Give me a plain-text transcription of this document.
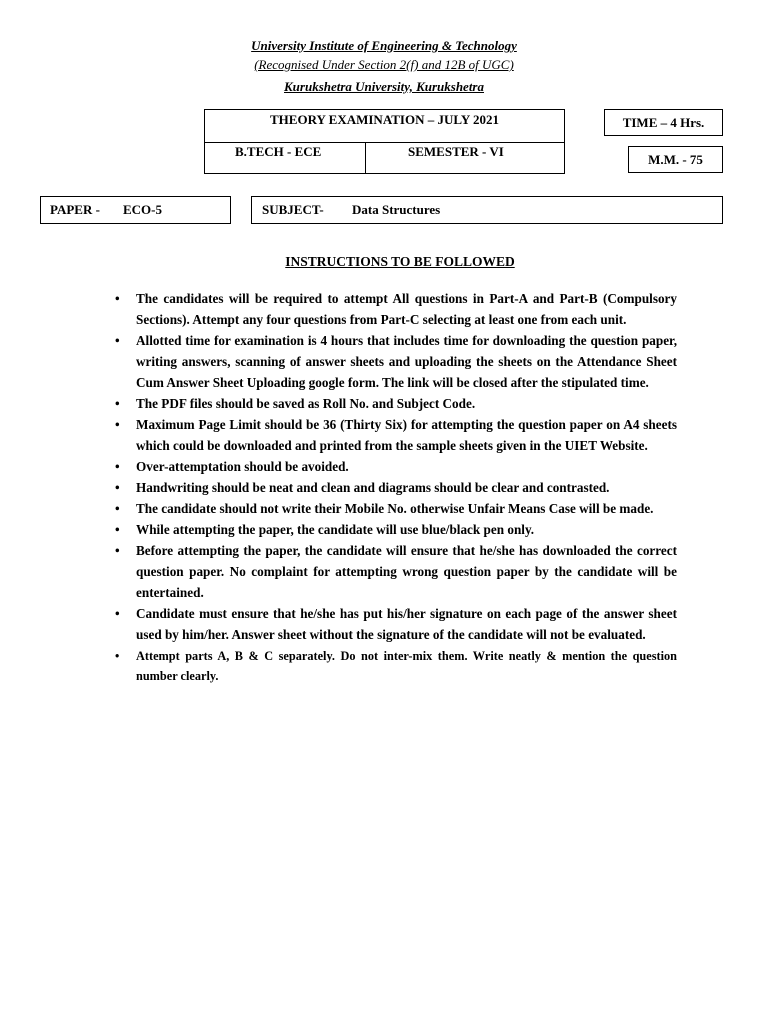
University Institute of Engineering & Technology
(Recognised Under Section 2(f) and 12B of UGC)
Kurukshetra University, Kurukshetra
THEORY EXAMINATION – JULY 2021
B.TECH - ECE	SEMESTER - VI
TIME – 4 Hrs.
M.M. - 75
PAPER - ECO-5	SUBJECT- Data Structures
INSTRUCTIONS TO BE FOLLOWED
• The candidates will be required to attempt All questions in Part-A and Part-B (Compulsory Sections). Attempt any four questions from Part-C selecting at least one from each unit.
• Allotted time for examination is 4 hours that includes time for downloading the question paper, writing answers, scanning of answer sheets and uploading the sheets on the Attendance Sheet Cum Answer Sheet Uploading google form. The link will be closed after the stipulated time.
• The PDF files should be saved as Roll No. and Subject Code.
• Maximum Page Limit should be 36 (Thirty Six) for attempting the question paper on A4 sheets which could be downloaded and printed from the sample sheets given in the UIET Website.
• Over-attemptation should be avoided.
• Handwriting should be neat and clean and diagrams should be clear and contrasted.
• The candidate should not write their Mobile No. otherwise Unfair Means Case will be made.
• While attempting the paper, the candidate will use blue/black pen only.
• Before attempting the paper, the candidate will ensure that he/she has downloaded the correct question paper. No complaint for attempting wrong question paper by the candidate will be entertained.
• Candidate must ensure that he/she has put his/her signature on each page of the answer sheet used by him/her. Answer sheet without the signature of the candidate will not be evaluated.
• Attempt parts A, B & C separately. Do not inter-mix them. Write neatly & mention the question number clearly.
